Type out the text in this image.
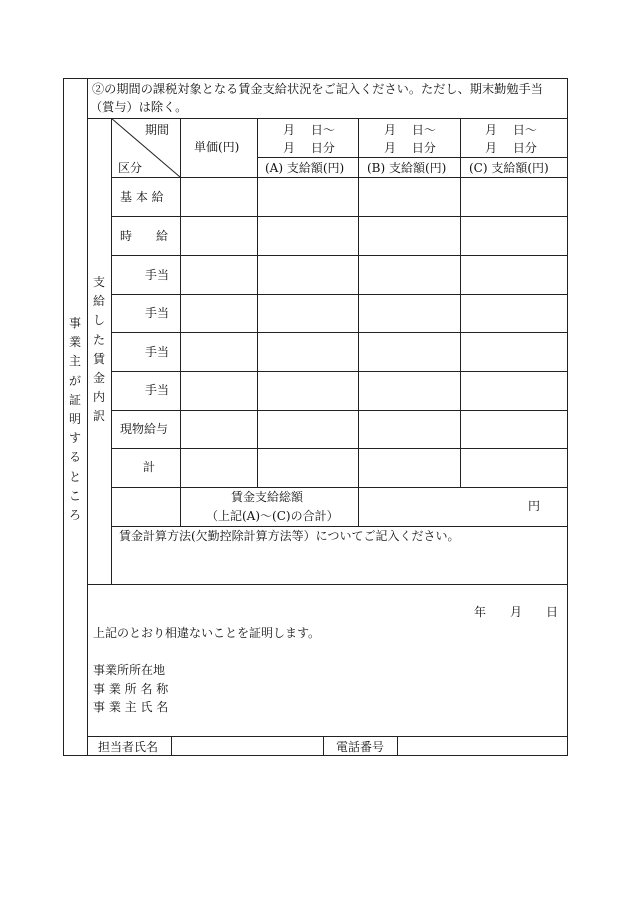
②の期間の課税対象となる賃金支給状況をご記入ください。ただし、期末勤勉手当
（賞与）は除く。
事業主が証明するところ
支給した賃金内訳
期間
区分
単価(円)
月　 日～
月　 日分
(A) 支給額(円)
月　 日～
月　 日分
(B) 支給額(円)
月　 日～
月　 日分
(C) 支給額(円)
基 本 給
時　　給
手当
手当
手当
手当
現物給与
計
賃金支給総額
（上記(A)～(C)の合計）
円
賃金計算方法(欠勤控除計算方法等）についてご記入ください。
年　　月　　日
上記のとおり相違ないことを証明します。
事業所所在地
事 業 所 名 称
事 業 主 氏 名
担当者氏名	電話番号
